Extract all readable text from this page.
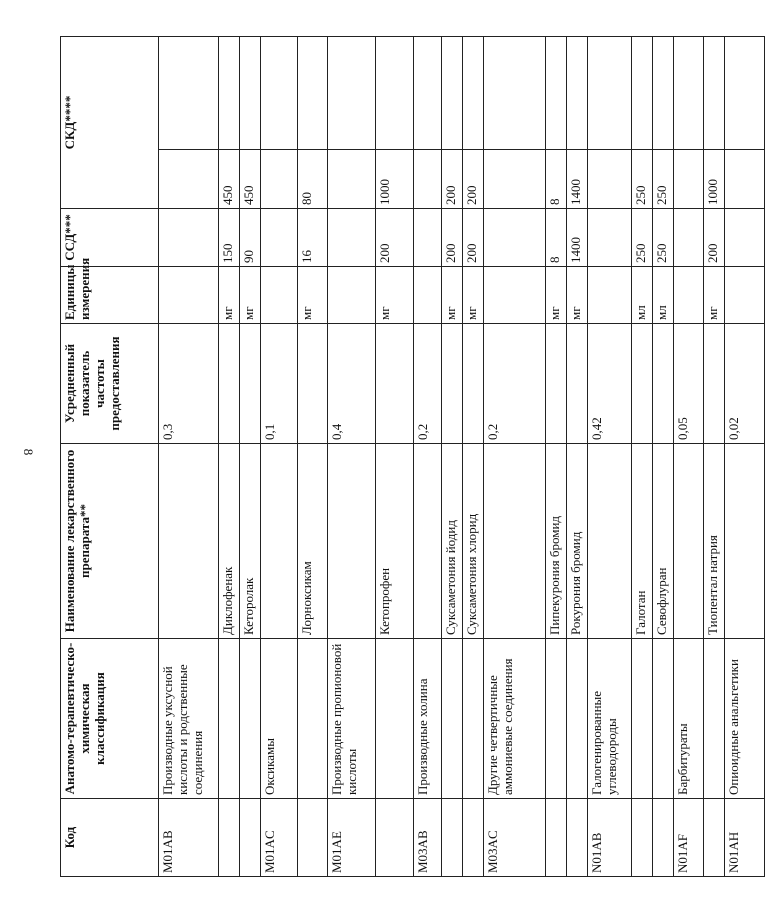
8
Код	Анатомо-терапевтическо-химическая классификация	Наименование лекарственного препарата**	Усредненный показатель частоты предоставления	Единицы измерения	ССД***	СКД****
M01AB	Производные уксусной кислоты и родственные соединения		0,3			

		Диклофенак		мг	150	450

		Кеторолак		мг	90	450

M01AC	Оксикамы		0,1			

		Лорноксикам		мг	16	80

M01AE	Производные пропионовой кислоты		0,4			

		Кетопрофен		мг	200	1000

M03AB	Производные холина		0,2			

		Суксаметония йодид		мг	200	200

		Суксаметония хлорид		мг	200	200

M03AC	Другие четвертичные аммониевые соединения		0,2			

		Пипекурония бромид		мг	8	8

		Рокурония бромид		мг	1400	1400

N01AB	Галогенированные углеводороды		0,42			

		Галотан		мл	250	250

		Севофлуран		мл	250	250

N01AF	Барбитураты		0,05			

		Тиопентал натрия		мг	200	1000

N01AH	Опиоидные анальгетики		0,02			
